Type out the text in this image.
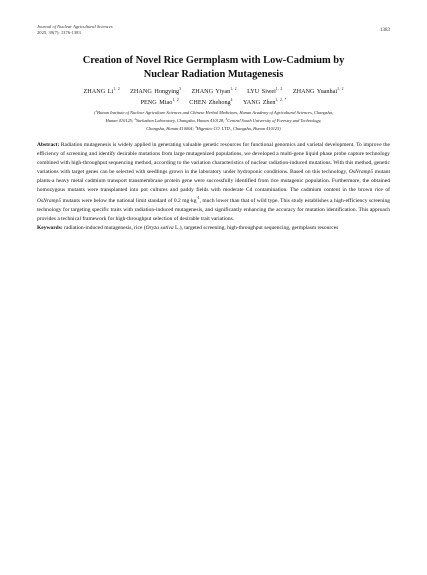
Journal of Nuclear Agricultural Sciences
2025, 39(7): 1376-1383	1383
Creation of Novel Rice Germplasm with Low-Cadmium by
Nuclear Radiation Mutagenesis
ZHANG Li$^{1, 2}$ ZHANG Hongying$^3$ ZHANG Yiyan$^{1, 2}$ LYU Siwei$^{1, 2}$ ZHANG Yuanhai$^{1, 2}$
PENG Miao$^{1, 2}$ CHEN Zhehong$^4$ YANG Zhen$^{1, 2, *}$
($^1$Hunan Institute of Nuclear Agriculture Sciences and Chinese Herbal Medicines, Hunan Academy of Agricultural Sciences, Changsha,
Hunan 410125; $^2$Yuelushan Laboratory, Changsha, Hunan 410128; $^3$Central South University of Forestry and Technology,
Changsha, Hunan 410004; $^4$Higentec CO. LTD., Changsha, Hunan 410125)

Abstract: Radiation mutagenesis is widely applied in generating valuable genetic resources for functional genomics and varietal development. To improve the efficiency of screening and identify desirable mutations from large mutagenized populations, we developed a multi-gene liquid phase probe capture technology combined with high-throughput sequencing method, according to the variation characteristics of nuclear radiation-induced mutations. With this method, genetic variations with target genes can be selected with seedlings grown in the laboratory under hydroponic conditions. Based on this technology, OsNramp5 mutant plants-a heavy metal cadmium transport transmembrane protein gene were successfully identified from rice mutagenic population. Furthermore, the obtained homozygous mutants were transplanted into pot cultures and paddy fields with moderate Cd contamination. The cadmium content in the brown rice of OsNramp5 mutants were below the national limit standard of 0.2 $mg\cdot kg^{-1}$, much lower than that of wild type. This study establishes a high-efficiency screening technology for targeting specific traits with radiation-induced mutagenesis, and significantly enhancing the accuracy for mutation identification. This approach provides a technical framework for high-throughput selection of desirable trait variations.

Keywords: radiation-induced mutagenesis, rice (Oryza sativa L.), targeted screening, high-throughput sequencing, germplasm resources
